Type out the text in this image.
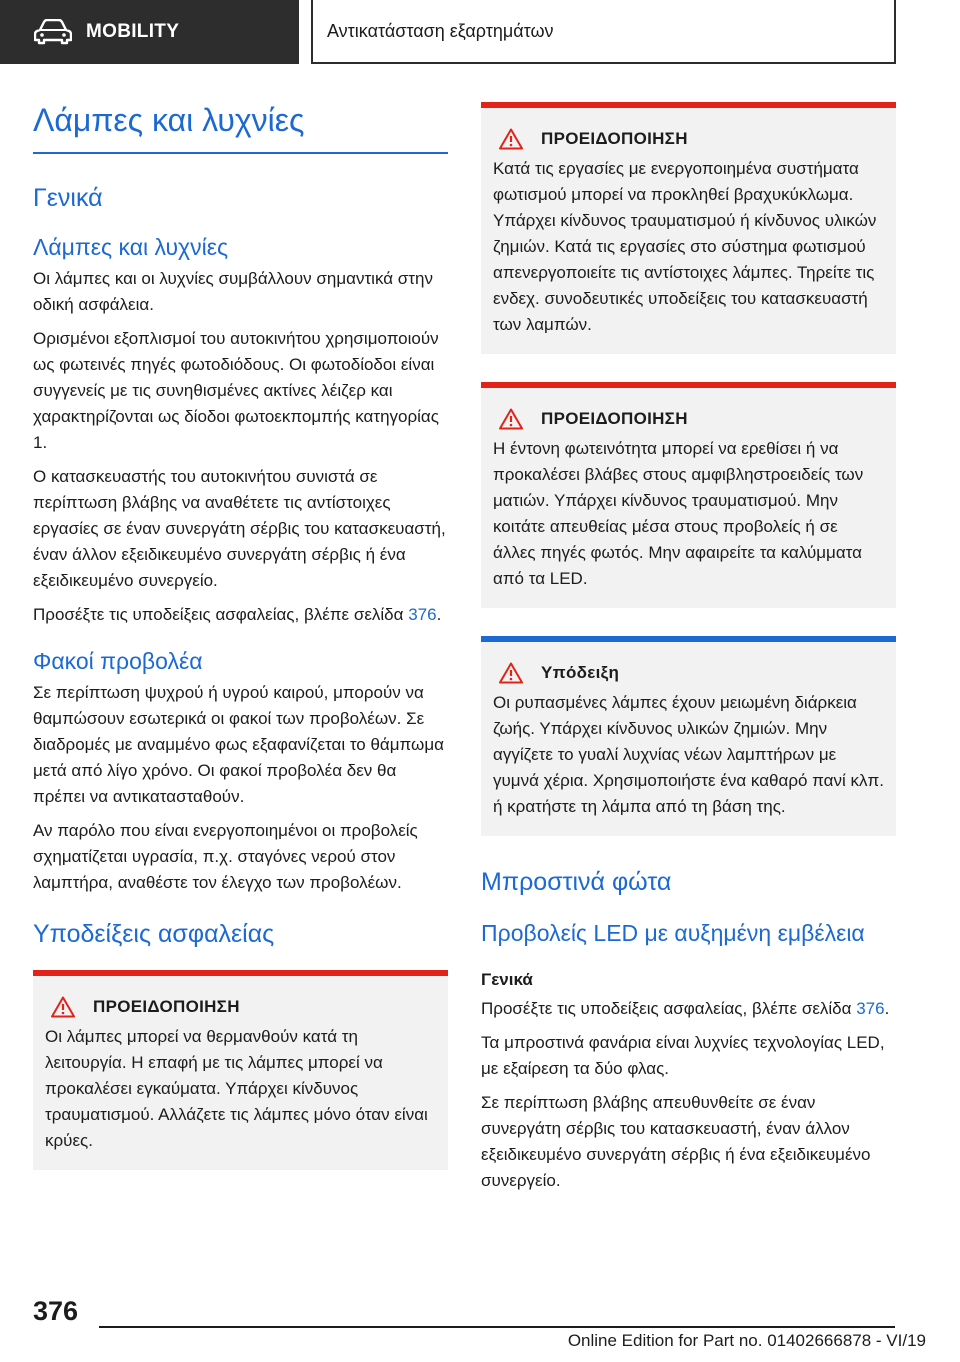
MOBILITY	Αντικατάσταση εξαρτημάτων
Λάμπες και λυχνίες
Γενικά
Λάμπες και λυχνίες

Οι λάμπες και οι λυχνίες συμβάλλουν σημαντικά στην οδική ασφάλεια.

Ορισμένοι εξοπλισμοί του αυτοκινήτου χρησιμοποιούν ως φωτεινές πηγές φωτοδιόδους. Οι φωτοδίοδοι είναι συγγενείς με τις συνηθισμένες ακτίνες λέιζερ και χαρακτηρίζονται ως δίοδοι φωτοεκπομπής κατηγορίας 1.

Ο κατασκευαστής του αυτοκινήτου συνιστά σε περίπτωση βλάβης να αναθέτετε τις αντίστοιχες εργασίες σε έναν συνεργάτη σέρβις του κατασκευαστή, έναν άλλον εξειδικευμένο συνεργάτη σέρβις ή ένα εξειδικευμένο συνεργείο.

Προσέξτε τις υποδείξεις ασφαλείας, βλέπε σελίδα 376.

Φακοί προβολέα

Σε περίπτωση ψυχρού ή υγρού καιρού, μπορούν να θαμπώσουν εσωτερικά οι φακοί των προβολέων. Σε διαδρομές με αναμμένο φως εξαφανίζεται το θάμπωμα μετά από λίγο χρόνο. Οι φακοί προβολέα δεν θα πρέπει να αντικατασταθούν.

Αν παρόλο που είναι ενεργοποιημένοι οι προβολείς σχηματίζεται υγρασία, π.χ. σταγόνες νερού στον λαμπτήρα, αναθέστε τον έλεγχο των προβολέων.

Υποδείξεις ασφαλείας
ΠΡΟΕΙΔΟΠΟΙΗΣΗ

Οι λάμπες μπορεί να θερμανθούν κατά τη λειτουργία. Η επαφή με τις λάμπες μπορεί να προκαλέσει εγκαύματα. Υπάρχει κίνδυνος τραυματισμού. Αλλάζετε τις λάμπες μόνο όταν είναι κρύες.

ΠΡΟΕΙΔΟΠΟΙΗΣΗ

Κατά τις εργασίες με ενεργοποιημένα συστήματα φωτισμού μπορεί να προκληθεί βραχυκύκλωμα. Υπάρχει κίνδυνος τραυματισμού ή κίνδυνος υλικών ζημιών. Κατά τις εργασίες στο σύστημα φωτισμού απενεργοποιείτε τις αντίστοιχες λάμπες. Τηρείτε τις ενδεχ. συνοδευτικές υποδείξεις του κατασκευαστή των λαμπών.

ΠΡΟΕΙΔΟΠΟΙΗΣΗ

Η έντονη φωτεινότητα μπορεί να ερεθίσει ή να προκαλέσει βλάβες στους αμφιβληστροειδείς των ματιών. Υπάρχει κίνδυνος τραυματισμού. Μην κοιτάτε απευθείας μέσα στους προβολείς ή σε άλλες πηγές φωτός. Μην αφαιρείτε τα καλύμματα από τα LED.

Υπόδειξη

Οι ρυπασμένες λάμπες έχουν μειωμένη διάρκεια ζωής. Υπάρχει κίνδυνος υλικών ζημιών. Μην αγγίζετε το γυαλί λυχνίας νέων λαμπτήρων με γυμνά χέρια. Χρησιμοποιήστε ένα καθαρό πανί κλπ. ή κρατήστε τη λάμπα από τη βάση της.

Μπροστινά φώτα
Προβολείς LED με αυξημένη εμβέλεια
Γενικά

Προσέξτε τις υποδείξεις ασφαλείας, βλέπε σελίδα 376.

Τα μπροστινά φανάρια είναι λυχνίες τεχνολογίας LED, με εξαίρεση τα δύο φλας.

Σε περίπτωση βλάβης απευθυνθείτε σε έναν συνεργάτη σέρβις του κατασκευαστή, έναν άλλον εξειδικευμένο συνεργάτη σέρβις ή ένα εξειδικευμένο συνεργείο.

376
Online Edition for Part no. 01402666878 - VI/19
